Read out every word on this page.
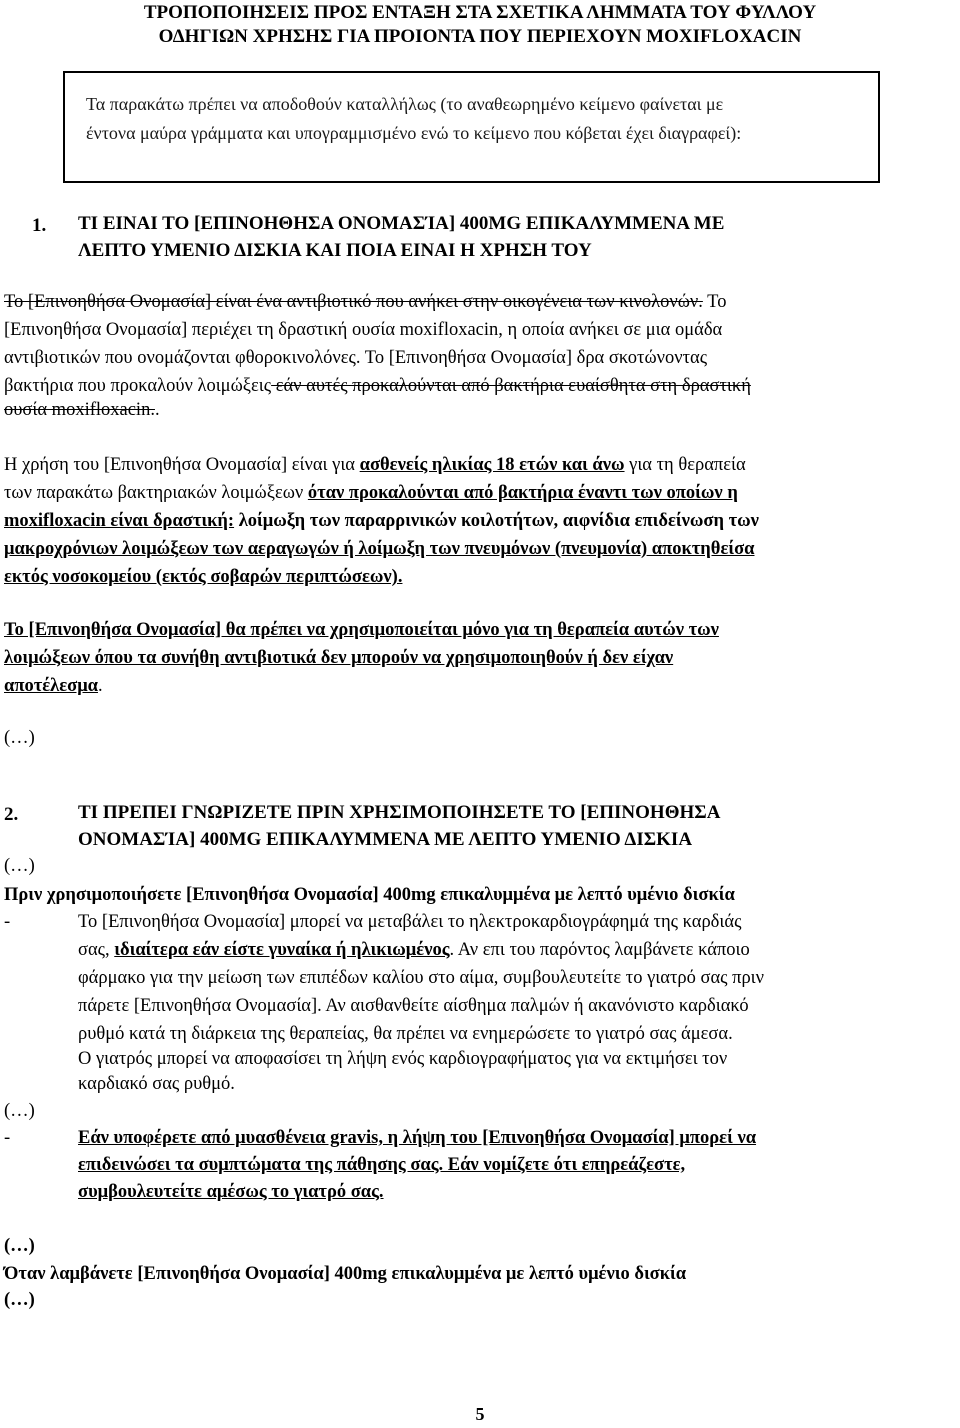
ΤΡΟΠΟΠΟΙΗΣΕΙΣ ΠΡΟΣ ΕΝΤΑΞΗ ΣΤΑ ΣΧΕΤΙΚΑ ΛΗΜΜΑΤΑ ΤΟΥ ΦΥΛΛΟΥ
ΟΔΗΓΙΩΝ ΧΡΗΣΗΣ ΓΙΑ ΠΡΟΙΟΝΤΑ ΠΟΥ ΠΕΡΙΕΧΟΥΝ MOXIFLOXACIN
Τα παρακάτω πρέπει να αποδοθούν καταλλήλως (το αναθεωρημένο κείμενο φαίνεται με
έντονα μαύρα γράμματα και υπογραμμισμένο ενώ το κείμενο που κόβεται έχει διαγραφεί):
1. ΤΙ ΕΙΝΑΙ ΤΟ [ΕΠΙΝΟΗΘΗΣΑ ΟΝΟΜΑΣΊΑ] 400MG ΕΠΙΚΑΛΥΜΜΕΝΑ ΜΕ
ΛΕΠΤΟ ΥΜΕΝΙΟ ΔΙΣΚΙΑ ΚΑΙ ΠΟΙΑ ΕΙΝΑΙ Η ΧΡΗΣΗ ΤΟΥ
Το [Επινοηθήσα Ονομασία] είναι ένα αντιβιοτικό που ανήκει στην οικογένεια των κινολονών. Το
[Επινοηθήσα Ονομασία] περιέχει τη δραστική ουσία moxifloxacin, η οποία ανήκει σε μια ομάδα
αντιβιοτικών που ονομάζονται φθοροκινολόνες. Το [Επινοηθήσα Ονομασία] δρα σκοτώνοντας
βακτήρια που προκαλούν λοιμώξεις εάν αυτές προκαλούνται από βακτήρια ευαίσθητα στη δραστική
ουσία moxifloxacin..
Η χρήση του [Επινοηθήσα Ονομασία] είναι για ασθενείς ηλικίας 18 ετών και άνω για τη θεραπεία
των παρακάτω βακτηριακών λοιμώξεων όταν προκαλούνται από βακτήρια έναντι των οποίων η
moxifloxacin είναι δραστική: λοίμωξη των παραρρινικών κοιλοτήτων, αιφνίδια επιδείνωση των
μακροχρόνιων λοιμώξεων των αεραγωγών ή λοίμωξη των πνευμόνων (πνευμονία) αποκτηθείσα
εκτός νοσοκομείου (εκτός σοβαρών περιπτώσεων).
Το [Επινοηθήσα Ονομασία] θα πρέπει να χρησιμοποιείται μόνο για τη θεραπεία αυτών των
λοιμώξεων όπου τα συνήθη αντιβιοτικά δεν μπορούν να χρησιμοποιηθούν ή δεν είχαν
αποτέλεσμα.
(…)
2.	ΤΙ ΠΡΕΠΕΙ ΓΝΩΡΙΖΕΤΕ ΠΡΙΝ ΧΡΗΣΙΜΟΠΟΙΗΣΕΤΕ ΤΟ [ΕΠΙΝΟΗΘΗΣΑ
ΟΝΟΜΑΣΊΑ] 400MG ΕΠΙΚΑΛΥΜΜΕΝΑ ΜΕ ΛΕΠΤΟ ΥΜΕΝΙΟ ΔΙΣΚΙΑ
(…)
Πριν χρησιμοποιήσετε [Επινοηθήσα Ονομασία] 400mg επικαλυμμένα με λεπτό υμένιο δισκία
-	Το [Επινοηθήσα Ονομασία] μπορεί να μεταβάλει το ηλεκτροκαρδιογράφημά της καρδιάς
σας, ιδιαίτερα εάν είστε γυναίκα ή ηλικιωμένος. Αν επι του παρόντος λαμβάνετε κάποιο
φάρμακο για την μείωση των επιπέδων καλίου στο αίμα, συμβουλευτείτε το γιατρό σας πριν
πάρετε [Επινοηθήσα Ονομασία]. Αν αισθανθείτε αίσθημα παλμών ή ακανόνιστο καρδιακό
ρυθμό κατά τη διάρκεια της θεραπείας, θα πρέπει να ενημερώσετε το γιατρό σας άμεσα.
Ο γιατρός μπορεί να αποφασίσει τη λήψη ενός καρδιογραφήματος για να εκτιμήσει τον
καρδιακό σας ρυθμό.
(…)
-	Εάν υποφέρετε από μυασθένεια gravis, η λήψη του [Επινοηθήσα Ονομασία] μπορεί να
επιδεινώσει τα συμπτώματα της πάθησης σας. Εάν νομίζετε ότι επηρεάζεστε,
συμβουλευτείτε αμέσως το γιατρό σας.
(…)
Όταν λαμβάνετε [Επινοηθήσα Ονομασία] 400mg επικαλυμμένα με λεπτό υμένιο δισκία
(…)
5
